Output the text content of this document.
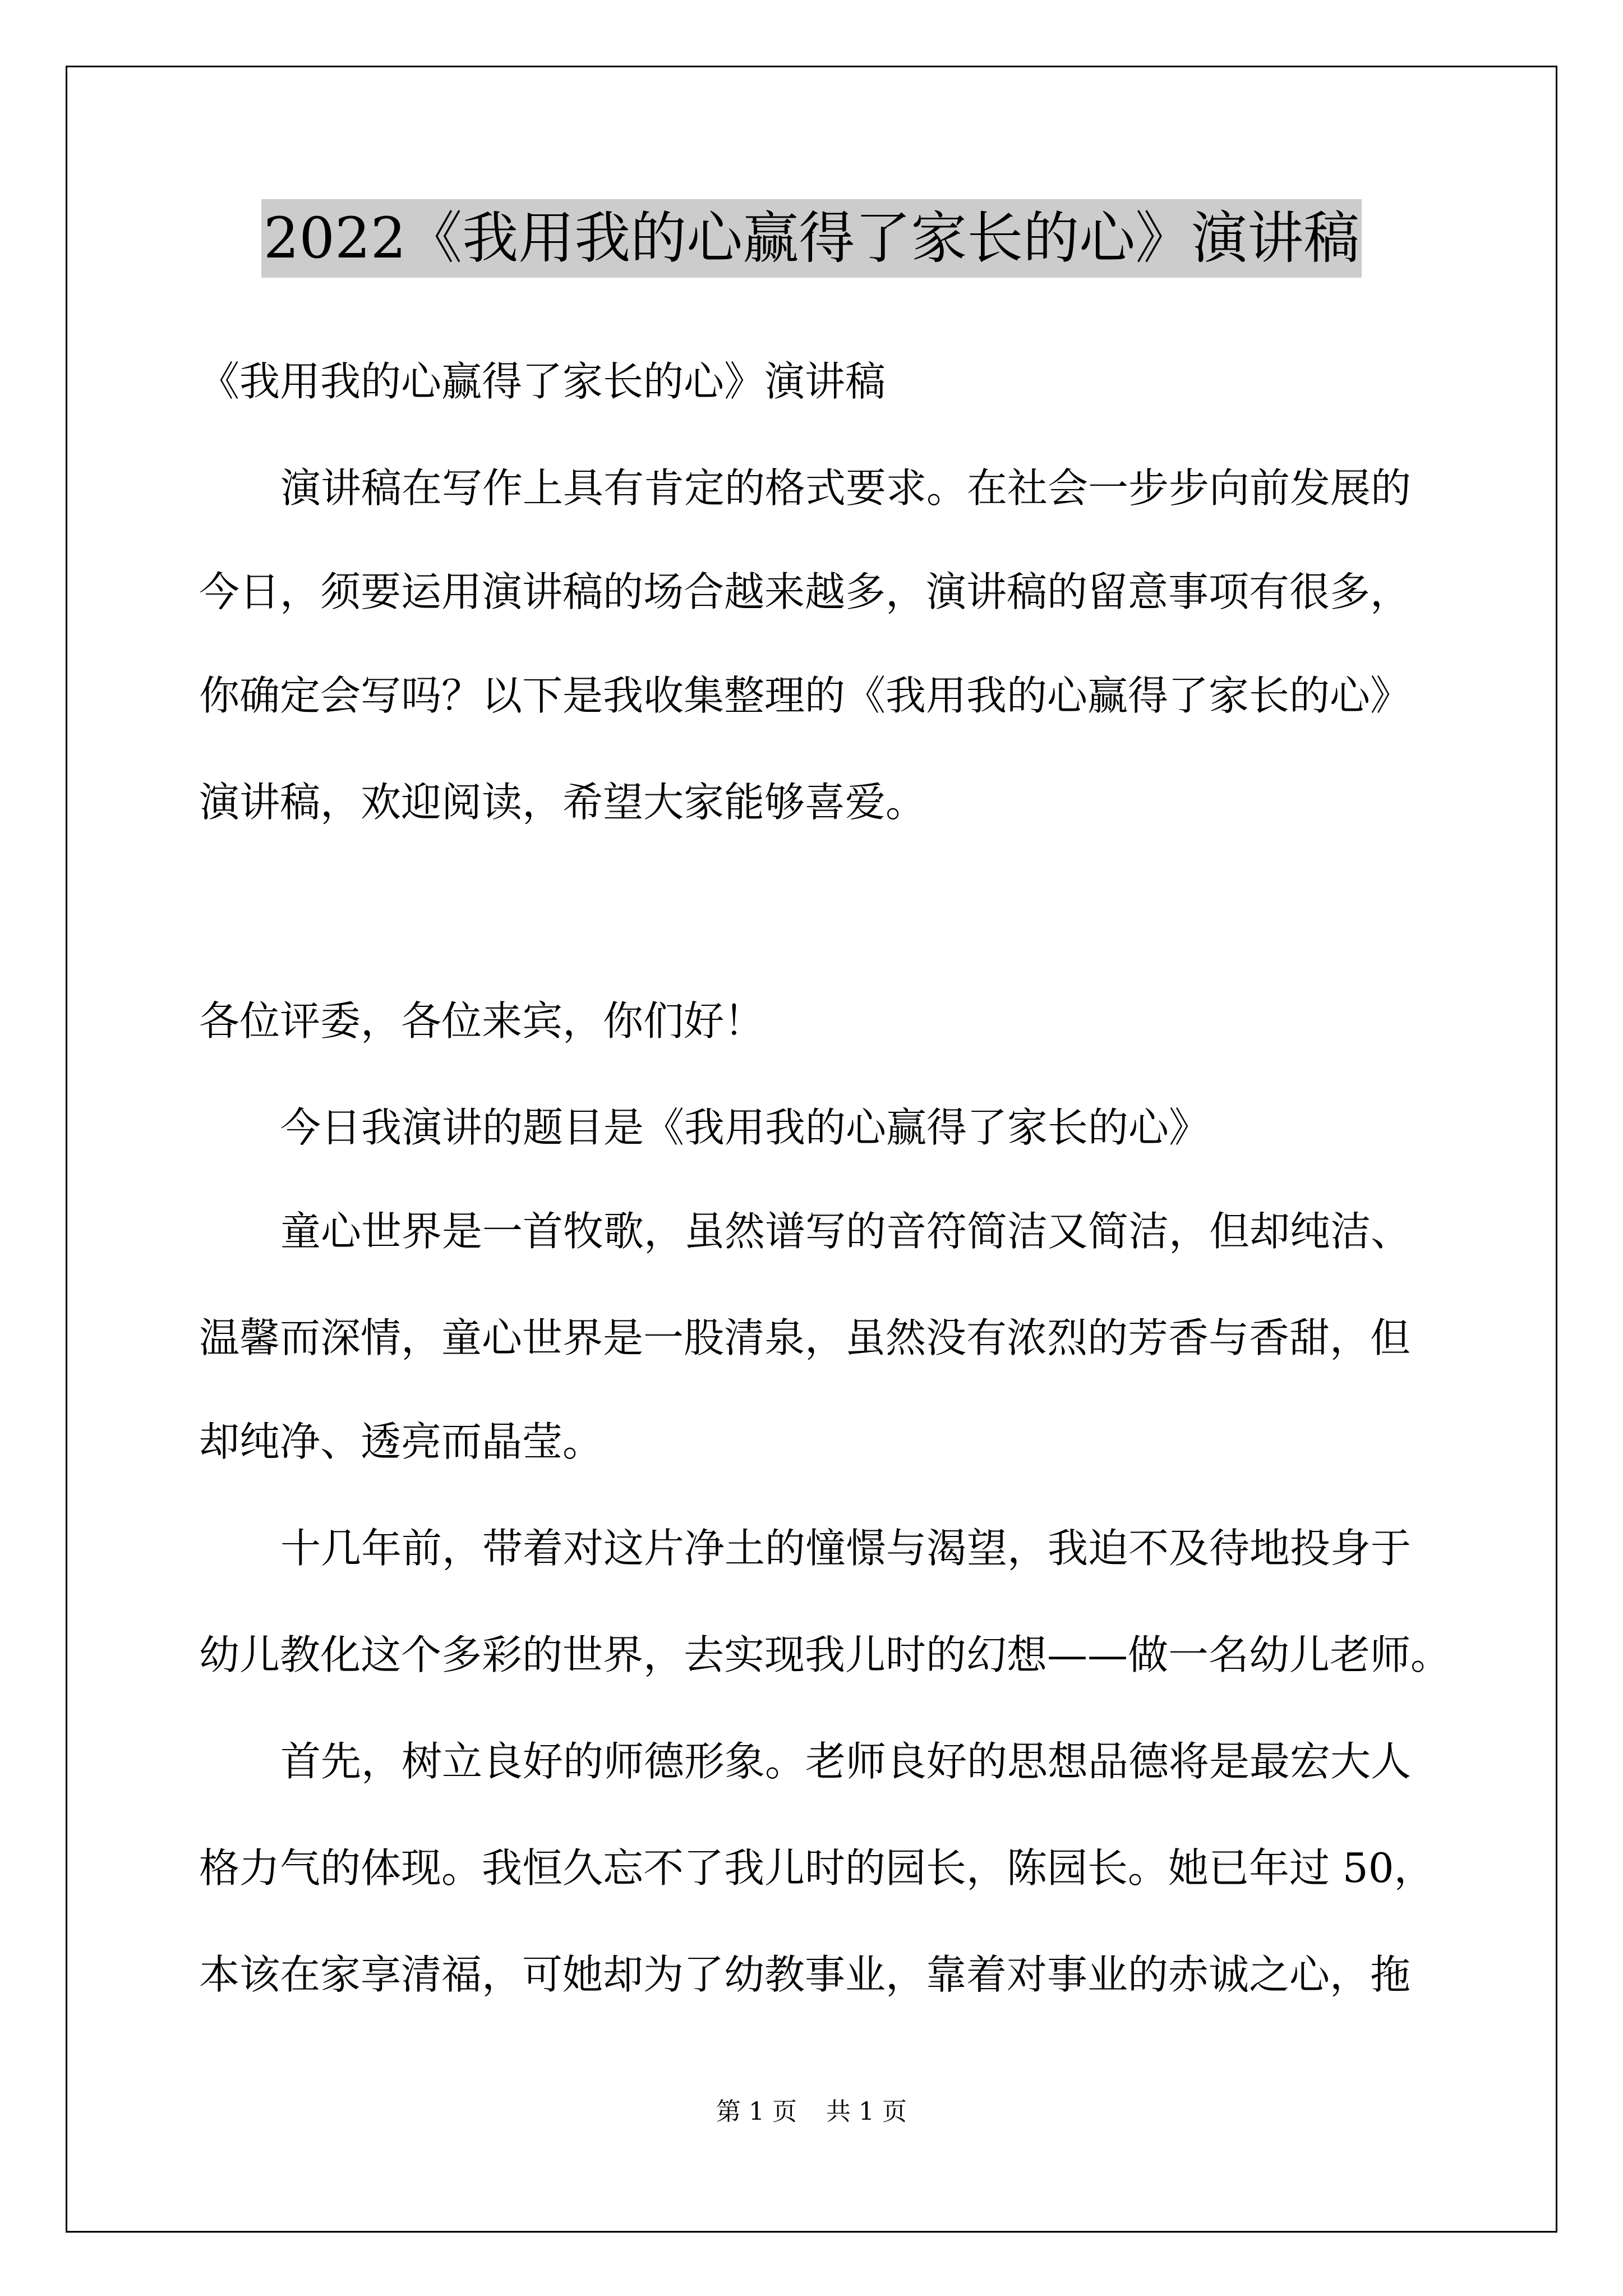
2022《我用我的心赢得了家长的心》演讲稿
《我用我的心赢得了家长的心》演讲稿
演讲稿在写作上具有肯定的格式要求。在社会一步步向前发展的
今日，须要运用演讲稿的场合越来越多，演讲稿的留意事项有很多，
你确定会写吗？以下是我收集整理的《我用我的心赢得了家长的心》
演讲稿，欢迎阅读，希望大家能够喜爱。
各位评委，各位来宾，你们好！
今日我演讲的题目是《我用我的心赢得了家长的心》
童心世界是一首牧歌，虽然谱写的音符简洁又简洁，但却纯洁、
温馨而深情，童心世界是一股清泉，虽然没有浓烈的芳香与香甜，但
却纯净、透亮而晶莹。
十几年前，带着对这片净土的憧憬与渴望，我迫不及待地投身于
幼儿教化这个多彩的世界，去实现我儿时的幻想——做一名幼儿老师。
首先，树立良好的师德形象。老师良好的思想品德将是最宏大人
格力气的体现。我恒久忘不了我儿时的园长，陈园长。她已年过 50，
本该在家享清福，可她却为了幼教事业，靠着对事业的赤诚之心，拖
第 1 页 共 1 页
